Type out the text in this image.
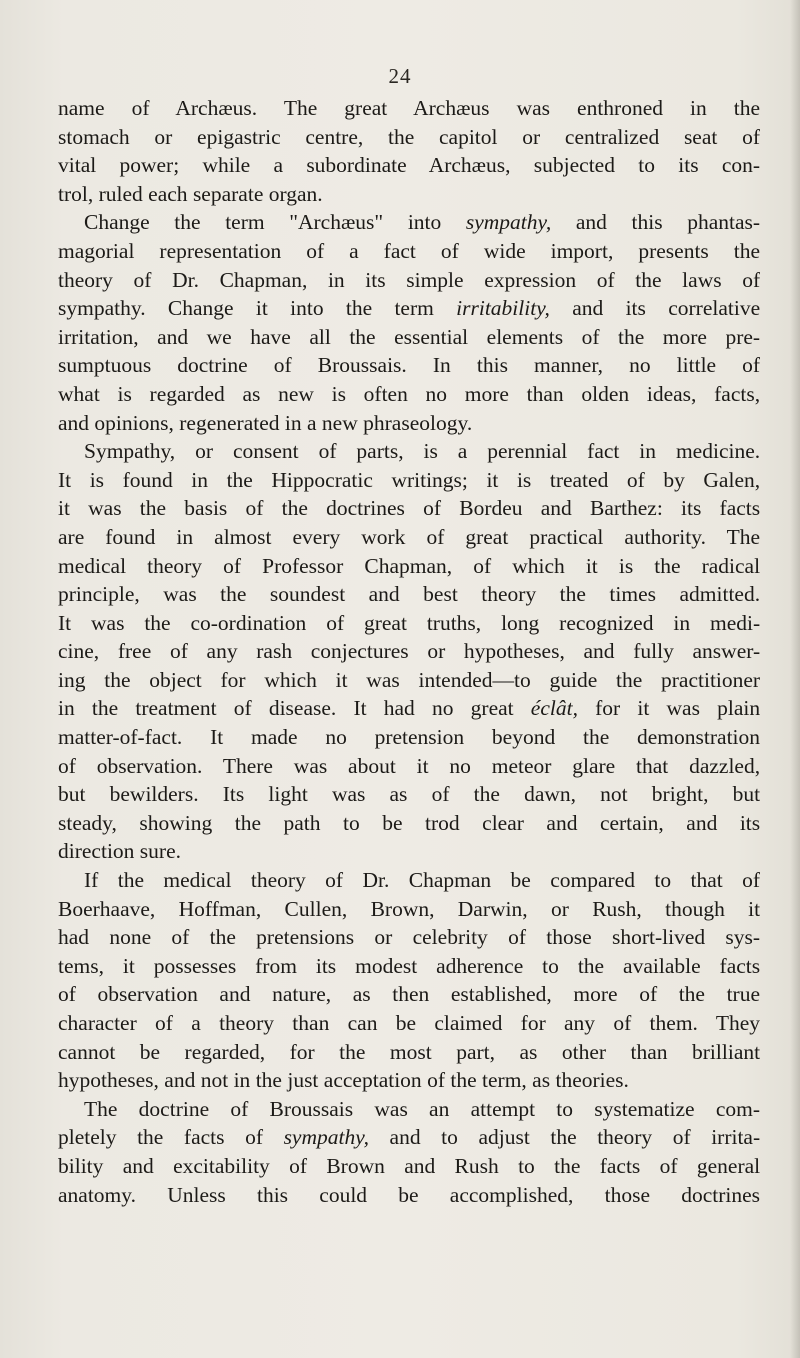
24
name of Archæus. The great Archæus was enthroned in the
stomach or epigastric centre, the capitol or centralized seat of
vital power; while a subordinate Archæus, subjected to its con-
trol, ruled each separate organ.
Change the term "Archæus" into sympathy, and this phantas-
magorial representation of a fact of wide import, presents the
theory of Dr. Chapman, in its simple expression of the laws of
sympathy. Change it into the term irritability, and its correlative
irritation, and we have all the essential elements of the more pre-
sumptuous doctrine of Broussais. In this manner, no little of
what is regarded as new is often no more than olden ideas, facts,
and opinions, regenerated in a new phraseology.
Sympathy, or consent of parts, is a perennial fact in medicine.
It is found in the Hippocratic writings; it is treated of by Galen,
it was the basis of the doctrines of Bordeu and Barthez: its facts
are found in almost every work of great practical authority. The
medical theory of Professor Chapman, of which it is the radical
principle, was the soundest and best theory the times admitted.
It was the co-ordination of great truths, long recognized in medi-
cine, free of any rash conjectures or hypotheses, and fully answer-
ing the object for which it was intended—to guide the practitioner
in the treatment of disease. It had no great éclât, for it was plain
matter-of-fact. It made no pretension beyond the demonstration
of observation. There was about it no meteor glare that dazzled,
but bewilders. Its light was as of the dawn, not bright, but
steady, showing the path to be trod clear and certain, and its
direction sure.
If the medical theory of Dr. Chapman be compared to that of
Boerhaave, Hoffman, Cullen, Brown, Darwin, or Rush, though it
had none of the pretensions or celebrity of those short-lived sys-
tems, it possesses from its modest adherence to the available facts
of observation and nature, as then established, more of the true
character of a theory than can be claimed for any of them. They
cannot be regarded, for the most part, as other than brilliant
hypotheses, and not in the just acceptation of the term, as theories.
The doctrine of Broussais was an attempt to systematize com-
pletely the facts of sympathy, and to adjust the theory of irrita-
bility and excitability of Brown and Rush to the facts of general
anatomy. Unless this could be accomplished, those doctrines
